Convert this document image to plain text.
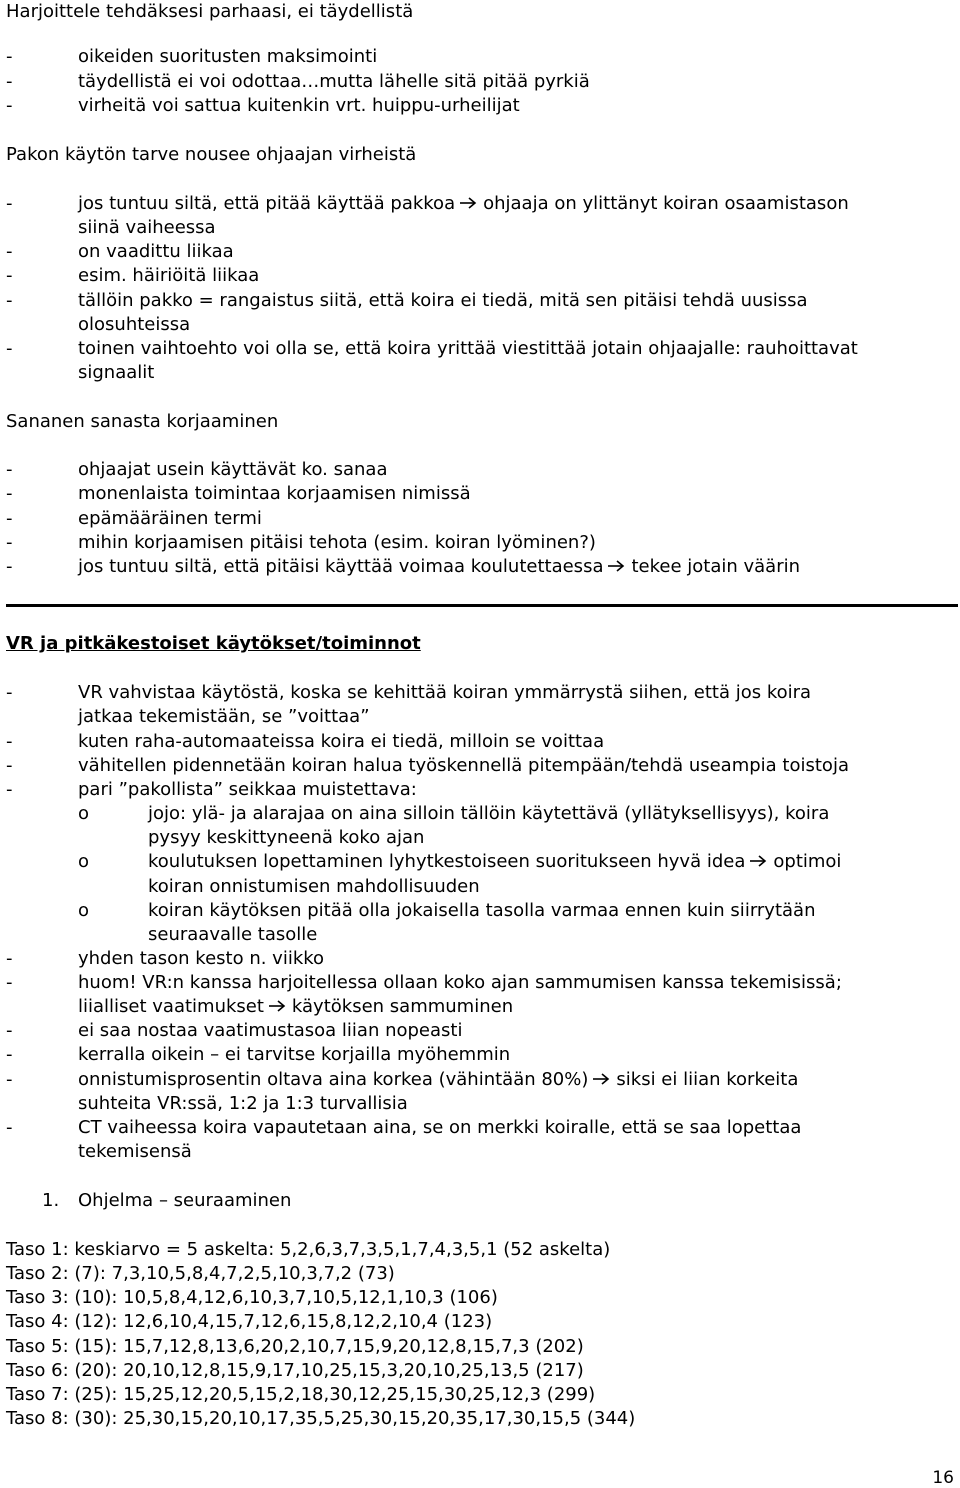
Harjoittele tehdäksesi parhaasi, ei täydellistä
-	oikeiden suoritusten maksimointi
-	täydellistä ei voi odottaa…mutta lähelle sitä pitää pyrkiä
-	virheitä voi sattua kuitenkin vrt. huippu-urheilijat
Pakon käytön tarve nousee ohjaajan virheistä
-	jos tuntuu siltä, että pitää käyttää pakkoa ohjaaja on ylittänyt koiran osaamistason
siinä vaiheessa
-	on vaadittu liikaa
-	esim. häiriöitä liikaa
-	tällöin pakko = rangaistus siitä, että koira ei tiedä, mitä sen pitäisi tehdä uusissa
olosuhteissa
-	toinen vaihtoehto voi olla se, että koira yrittää viestittää jotain ohjaajalle: rauhoittavat
signaalit
Sananen sanasta korjaaminen
-	ohjaajat usein käyttävät ko. sanaa
-	monenlaista toimintaa korjaamisen nimissä
-	epämääräinen termi
-	mihin korjaamisen pitäisi tehota (esim. koiran lyöminen?)
-	jos tuntuu siltä, että pitäisi käyttää voimaa koulutettaessa tekee jotain väärin
VR ja pitkäkestoiset käytökset/toiminnot
-	VR vahvistaa käytöstä, koska se kehittää koiran ymmärrystä siihen, että jos koira
jatkaa tekemistään, se ”voittaa”
-	kuten raha-automaateissa koira ei tiedä, milloin se voittaa
-	vähitellen pidennetään koiran halua työskennellä pitempään/tehdä useampia toistoja
-	pari ”pakollista” seikkaa muistettava:
o	jojo: ylä- ja alarajaa on aina silloin tällöin käytettävä (yllätyksellisyys), koira
pysyy keskittyneenä koko ajan
o	koulutuksen lopettaminen lyhytkestoiseen suoritukseen hyvä idea optimoi
koiran onnistumisen mahdollisuuden
o	koiran käytöksen pitää olla jokaisella tasolla varmaa ennen kuin siirrytään
seuraavalle tasolle
-	yhden tason kesto n. viikko
-	huom! VR:n kanssa harjoitellessa ollaan koko ajan sammumisen kanssa tekemisissä;
liialliset vaatimukset käytöksen sammuminen
-	ei saa nostaa vaatimustasoa liian nopeasti
-	kerralla oikein – ei tarvitse korjailla myöhemmin
-	onnistumisprosentin oltava aina korkea (vähintään 80%) siksi ei liian korkeita
suhteita VR:ssä, 1:2 ja 1:3 turvallisia
-	CT vaiheessa koira vapautetaan aina, se on merkki koiralle, että se saa lopettaa
tekemisensä
1. Ohjelma – seuraaminen
Taso 1: keskiarvo = 5 askelta: 5,2,6,3,7,3,5,1,7,4,3,5,1 (52 askelta)
Taso 2: (7): 7,3,10,5,8,4,7,2,5,10,3,7,2 (73)
Taso 3: (10): 10,5,8,4,12,6,10,3,7,10,5,12,1,10,3 (106)
Taso 4: (12): 12,6,10,4,15,7,12,6,15,8,12,2,10,4 (123)
Taso 5: (15): 15,7,12,8,13,6,20,2,10,7,15,9,20,12,8,15,7,3 (202)
Taso 6: (20): 20,10,12,8,15,9,17,10,25,15,3,20,10,25,13,5 (217)
Taso 7: (25): 15,25,12,20,5,15,2,18,30,12,25,15,30,25,12,3 (299)
Taso 8: (30): 25,30,15,20,10,17,35,5,25,30,15,20,35,17,30,15,5 (344)
16
